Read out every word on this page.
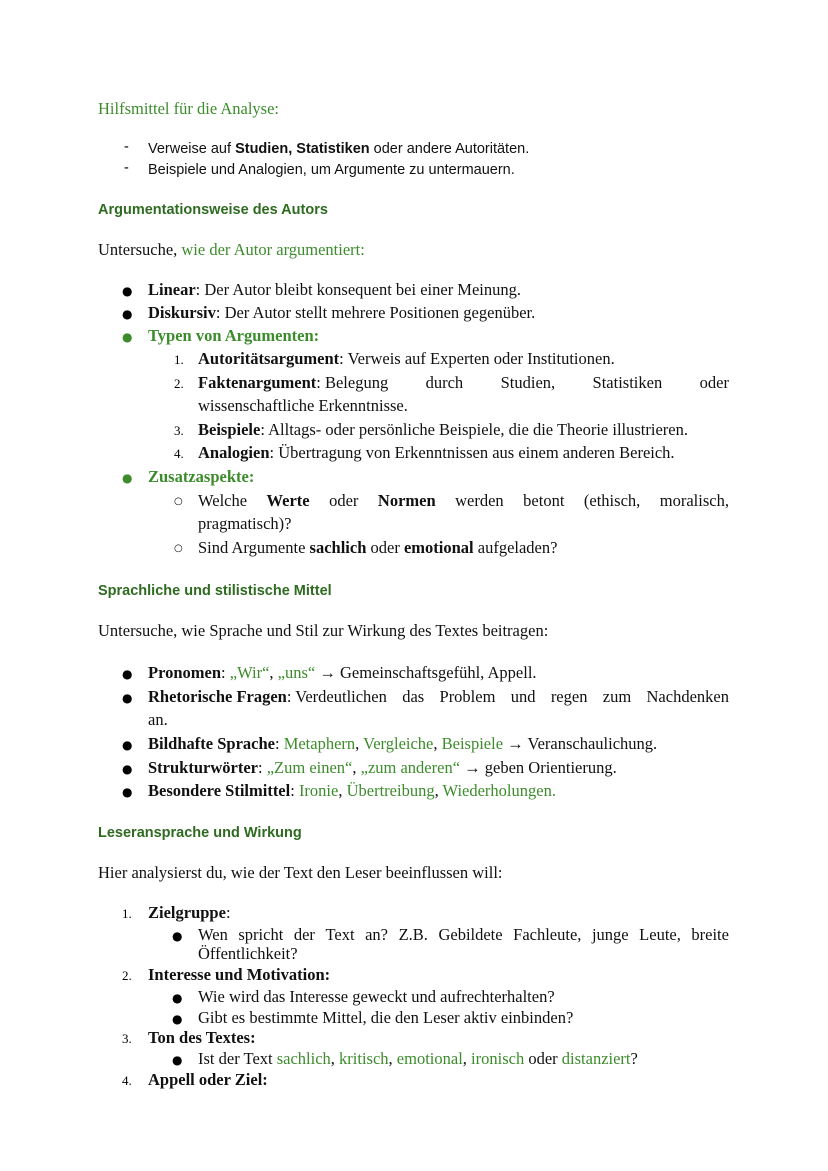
Hilfsmittel für die Analyse:
- Verweise auf Studien, Statistiken oder andere Autoritäten.
- Beispiele und Analogien, um Argumente zu untermauern.
Argumentationsweise des Autors
Untersuche, wie der Autor argumentiert:
● Linear: Der Autor bleibt konsequent bei einer Meinung.
● Diskursiv: Der Autor stellt mehrere Positionen gegenüber.
● Typen von Argumenten:
1. Autoritätsargument: Verweis auf Experten oder Institutionen.
2. Faktenargument: Belegung durch Studien, Statistiken oder
wissenschaftliche Erkenntnisse.
3. Beispiele: Alltags- oder persönliche Beispiele, die die Theorie illustrieren.
4. Analogien: Übertragung von Erkenntnissen aus einem anderen Bereich.
● Zusatzaspekte:
○ Welche Werte oder Normen werden betont (ethisch, moralisch,
pragmatisch)?
○ Sind Argumente sachlich oder emotional aufgeladen?
Sprachliche und stilistische Mittel
Untersuche, wie Sprache und Stil zur Wirkung des Textes beitragen:
● Pronomen: „Wir“, „uns“ → Gemeinschaftsgefühl, Appell.
● Rhetorische Fragen: Verdeutlichen das Problem und regen zum Nachdenken
an.
● Bildhafte Sprache: Metaphern, Vergleiche, Beispiele → Veranschaulichung.
● Strukturwörter: „Zum einen“, „zum anderen“ → geben Orientierung.
● Besondere Stilmittel: Ironie, Übertreibung, Wiederholungen.
Leseransprache und Wirkung
Hier analysierst du, wie der Text den Leser beeinflussen will:
1. Zielgruppe:
● Wen spricht der Text an? Z.B. Gebildete Fachleute, junge Leute, breite
Öffentlichkeit?
2. Interesse und Motivation:
● Wie wird das Interesse geweckt und aufrechterhalten?
● Gibt es bestimmte Mittel, die den Leser aktiv einbinden?
3. Ton des Textes:
● Ist der Text sachlich, kritisch, emotional, ironisch oder distanziert?
4. Appell oder Ziel:
